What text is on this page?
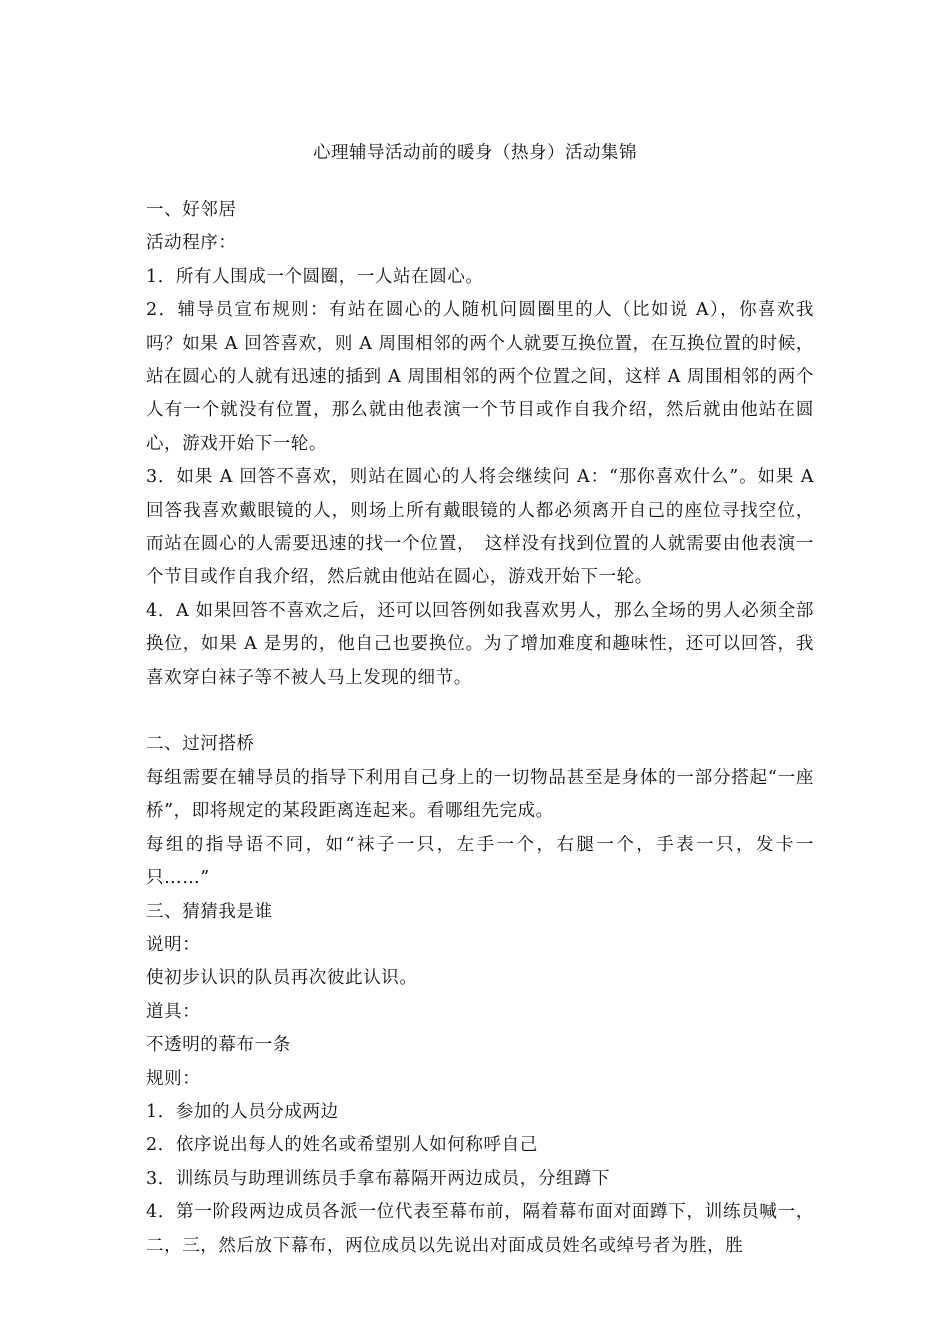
心理辅导活动前的暖身（热身）活动集锦

一、好邻居

活动程序：

1．所有人围成一个圆圈，一人站在圆心。

2．辅导员宣布规则：有站在圆心的人随机问圆圈里的人（比如说 A），你喜欢我吗？如果 A 回答喜欢，则 A 周围相邻的两个人就要互换位置，在互换位置的时候，站在圆心的人就有迅速的插到 A 周围相邻的两个位置之间，这样 A 周围相邻的两个人有一个就没有位置，那么就由他表演一个节目或作自我介绍，然后就由他站在圆心，游戏开始下一轮。

3．如果 A 回答不喜欢，则站在圆心的人将会继续问 A：“那你喜欢什么”。如果 A 回答我喜欢戴眼镜的人，则场上所有戴眼镜的人都必须离开自己的座位寻找空位，而站在圆心的人需要迅速的找一个位置，　这样没有找到位置的人就需要由他表演一个节目或作自我介绍，然后就由他站在圆心，游戏开始下一轮。

4．A 如果回答不喜欢之后，还可以回答例如我喜欢男人，那么全场的男人必须全部换位，如果 A 是男的，他自己也要换位。为了增加难度和趣味性，还可以回答，我喜欢穿白袜子等不被人马上发现的细节。

二、过河搭桥

每组需要在辅导员的指导下利用自己身上的一切物品甚至是身体的一部分搭起“一座桥”，即将规定的某段距离连起来。看哪组先完成。

每组的指导语不同，如“袜子一只，左手一个，右腿一个，手表一只，发卡一只……”

三、猜猜我是谁

说明：

使初步认识的队员再次彼此认识。

道具：

不透明的幕布一条

规则：

1．参加的人员分成两边

2．依序说出每人的姓名或希望别人如何称呼自己

3．训练员与助理训练员手拿布幕隔开两边成员，分组蹲下

4．第一阶段两边成员各派一位代表至幕布前，隔着幕布面对面蹲下，训练员喊一，二，三，然后放下幕布，两位成员以先说出对面成员姓名或绰号者为胜，胜
